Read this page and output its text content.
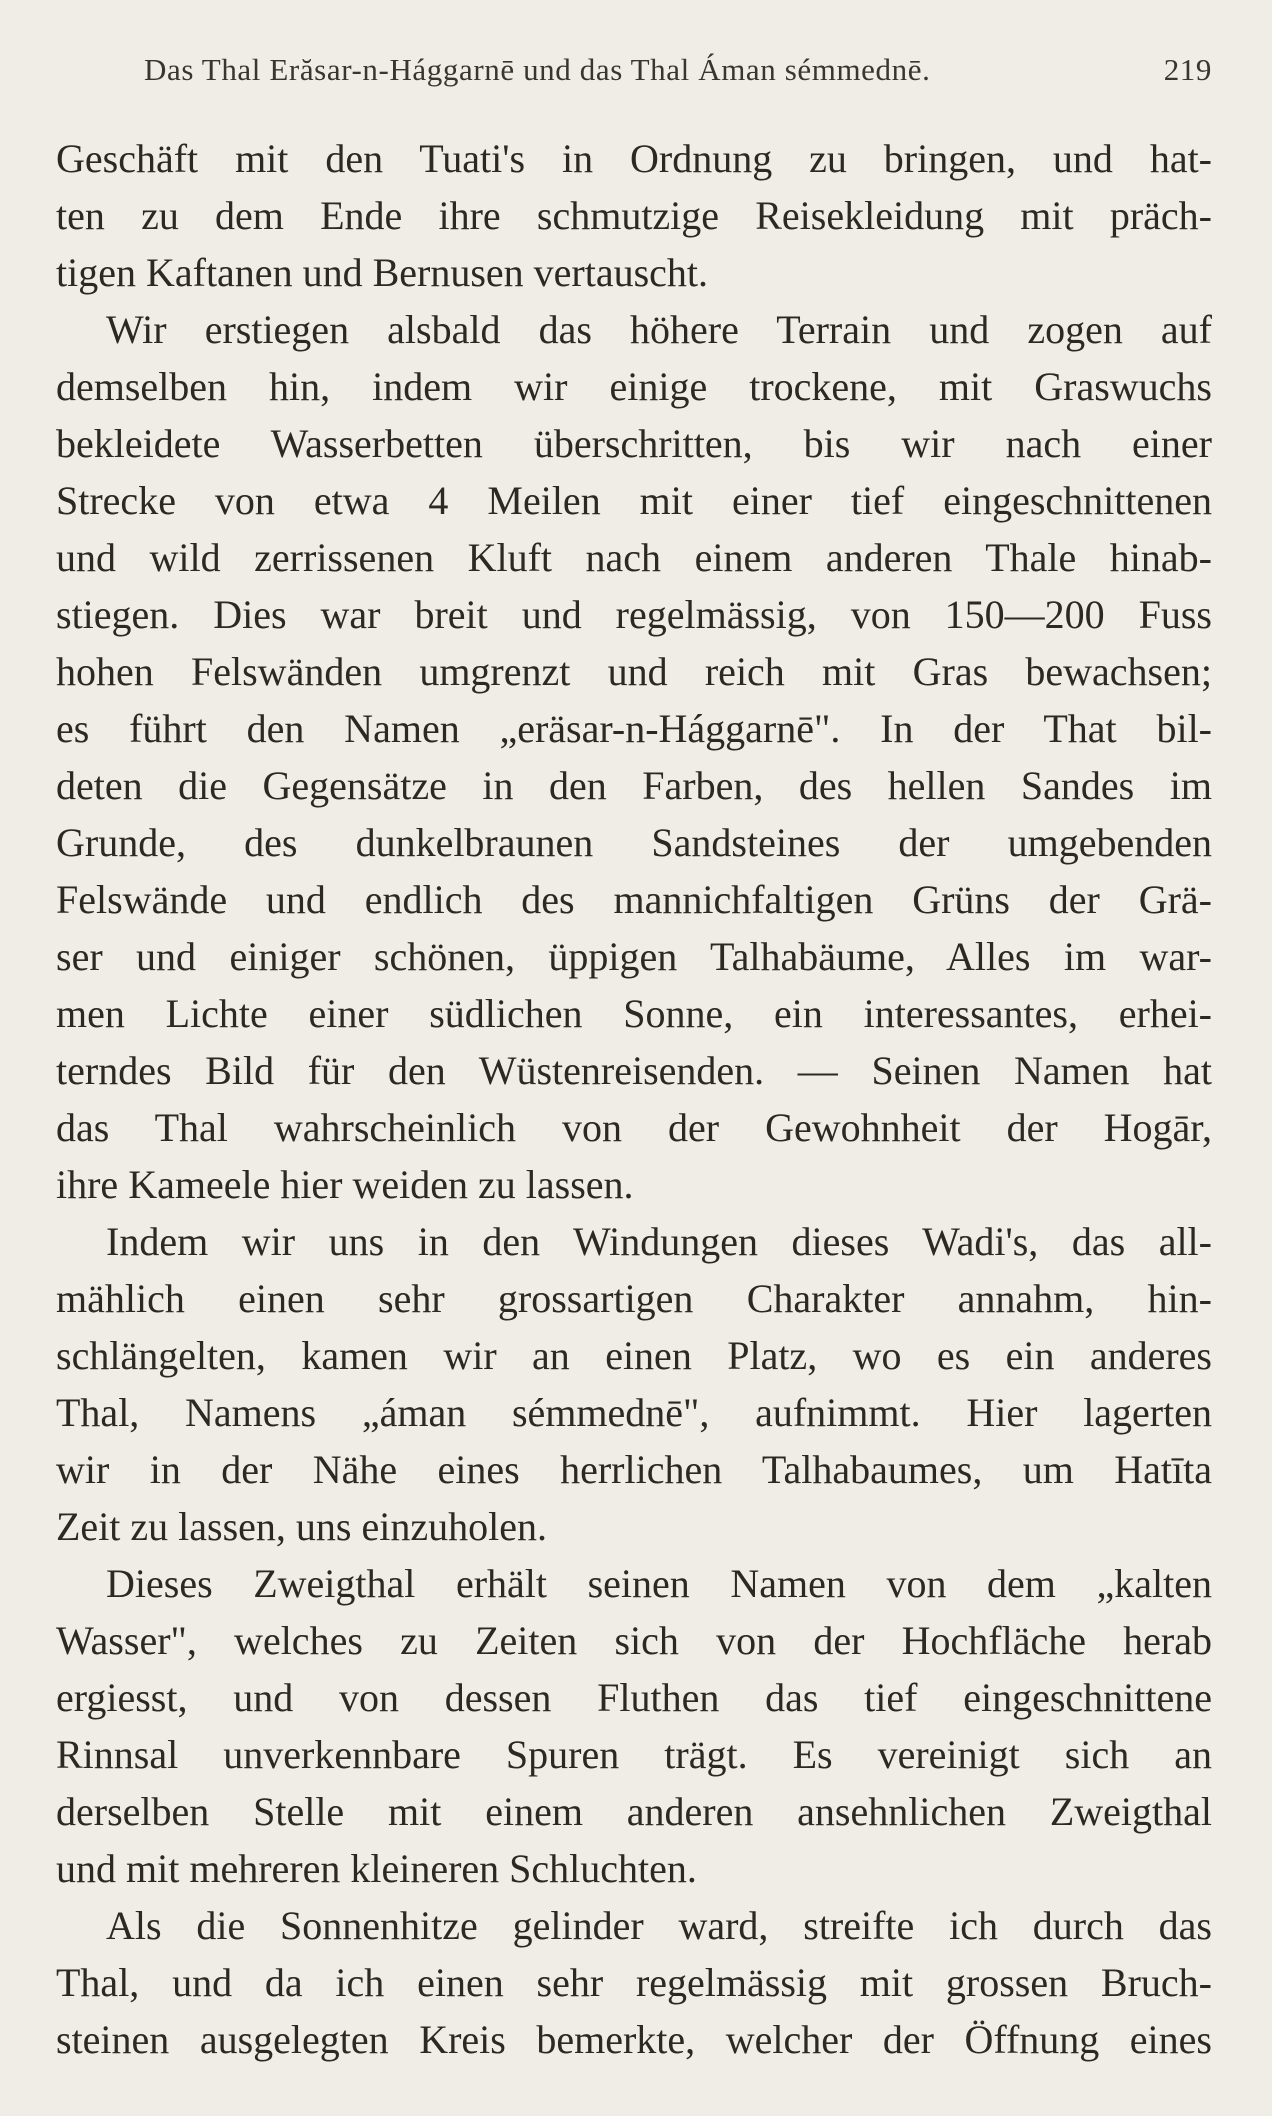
Das Thal Erăsar-n-Hággarnē und das Thal Áman sémmednē.	219
Geschäft mit den Tuati's in Ordnung zu bringen, und hat-
ten zu dem Ende ihre schmutzige Reisekleidung mit präch-
tigen Kaftanen und Bernusen vertauscht.
Wir erstiegen alsbald das höhere Terrain und zogen auf
demselben hin, indem wir einige trockene, mit Graswuchs
bekleidete Wasserbetten überschritten, bis wir nach einer
Strecke von etwa 4 Meilen mit einer tief eingeschnittenen
und wild zerrissenen Kluft nach einem anderen Thale hinab-
stiegen. Dies war breit und regelmässig, von 150—200 Fuss
hohen Felswänden umgrenzt und reich mit Gras bewachsen;
es führt den Namen „eräsar-n-Hággarnē". In der That bil-
deten die Gegensätze in den Farben, des hellen Sandes im
Grunde, des dunkelbraunen Sandsteines der umgebenden
Felswände und endlich des mannichfaltigen Grüns der Grä-
ser und einiger schönen, üppigen Talhabäume, Alles im war-
men Lichte einer südlichen Sonne, ein interessantes, erhei-
terndes Bild für den Wüstenreisenden. — Seinen Namen hat
das Thal wahrscheinlich von der Gewohnheit der Hogār,
ihre Kameele hier weiden zu lassen.
Indem wir uns in den Windungen dieses Wadi's, das all-
mählich einen sehr grossartigen Charakter annahm, hin-
schlängelten, kamen wir an einen Platz, wo es ein anderes
Thal, Namens „áman sémmednē", aufnimmt. Hier lagerten
wir in der Nähe eines herrlichen Talhabaumes, um Hatīta
Zeit zu lassen, uns einzuholen.
Dieses Zweigthal erhält seinen Namen von dem „kalten
Wasser", welches zu Zeiten sich von der Hochfläche herab
ergiesst, und von dessen Fluthen das tief eingeschnittene
Rinnsal unverkennbare Spuren trägt. Es vereinigt sich an
derselben Stelle mit einem anderen ansehnlichen Zweigthal
und mit mehreren kleineren Schluchten.
Als die Sonnenhitze gelinder ward, streifte ich durch das
Thal, und da ich einen sehr regelmässig mit grossen Bruch-
steinen ausgelegten Kreis bemerkte, welcher der Öffnung eines
